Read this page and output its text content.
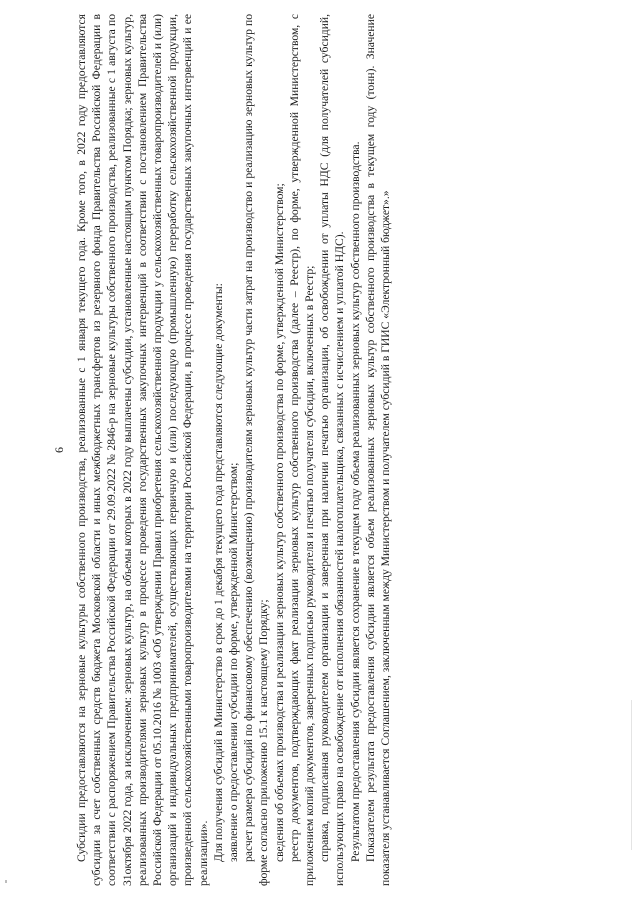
6 Субсидии предоставляются на зерновые культуры собственного производства, реализованные с 1 января текущего года. Кроме того, в 2022 году предоставляются субсидии за счет собственных средств бюджета Московской области и иных межбюджетных трансфертов из резервного фонда Правительства Российской Федерации в соответствии с распоряжением Правительства Российской Федерации от 29.09.2022 № 2846-р на зерновые культуры собственного производства, реализованные с 1 августа по 31октября 2022 года, за исключением: зерновых культур, на объемы которых в 2022 году выплачены субсидии, установленные настоящим пунктом Порядка; зерновых культур, реализованных производителями зерновых культур в процессе проведения государственных закупочных интервенций в соответствии с постановлением Правительства Российской Федерации от 05.10.2016 № 1003 «Об утверждении Правил приобретения сельскохозяйственной продукции у сельскохозяйственных товаропроизводителей и (или) организаций и индивидуальных предпринимателей, осуществляющих первичную и (или) последующую (промышленную) переработку сельскохозяйственной продукции, произведенной сельскохозяйственными товаропроизводителями на территории Российской Федерации, в процессе проведения государственных закупочных интервенций и ее реализации». Для получения субсидий в Министерство в срок до 1 декабря текущего года представляются следующие документы: заявление о предоставлении субсидии по форме, утвержденной Министерством; расчет размера субсидий по финансовому обеспечению (возмещению) производителям зерновых культур части затрат на производство и реализацию зерновых культур по форме согласно приложению 15.1 к настоящему Порядку; сведения об объемах производства и реализации зерновых культур собственного производства по форме, утвержденной Министерством; реестр документов, подтверждающих факт реализации зерновых культур собственного производства (далее – Реестр), по форме, утвержденной Министерством, с приложением копий документов, заверенных подписью руководителя и печатью получателя субсидии, включенных в Реестр; справка, подписанная руководителем организации и заверенная при наличии печатью организации, об освобождении от уплаты НДС (для получателей субсидий, использующих право на освобождение от исполнения обязанностей налогоплательщика, связанных с исчислением и уплатой НДС). Результатом предоставления субсидии является сохранение в текущем году объема реализованных зерновых культур собственного производства. Показателем результата предоставления субсидии является объем реализованных зерновых культур собственного производства в текущем году (тонн). Значение показателя устанавливается Соглашением, заключенным между Министерством и получателем субсидий в ГИИС «Электронный бюджет».»
